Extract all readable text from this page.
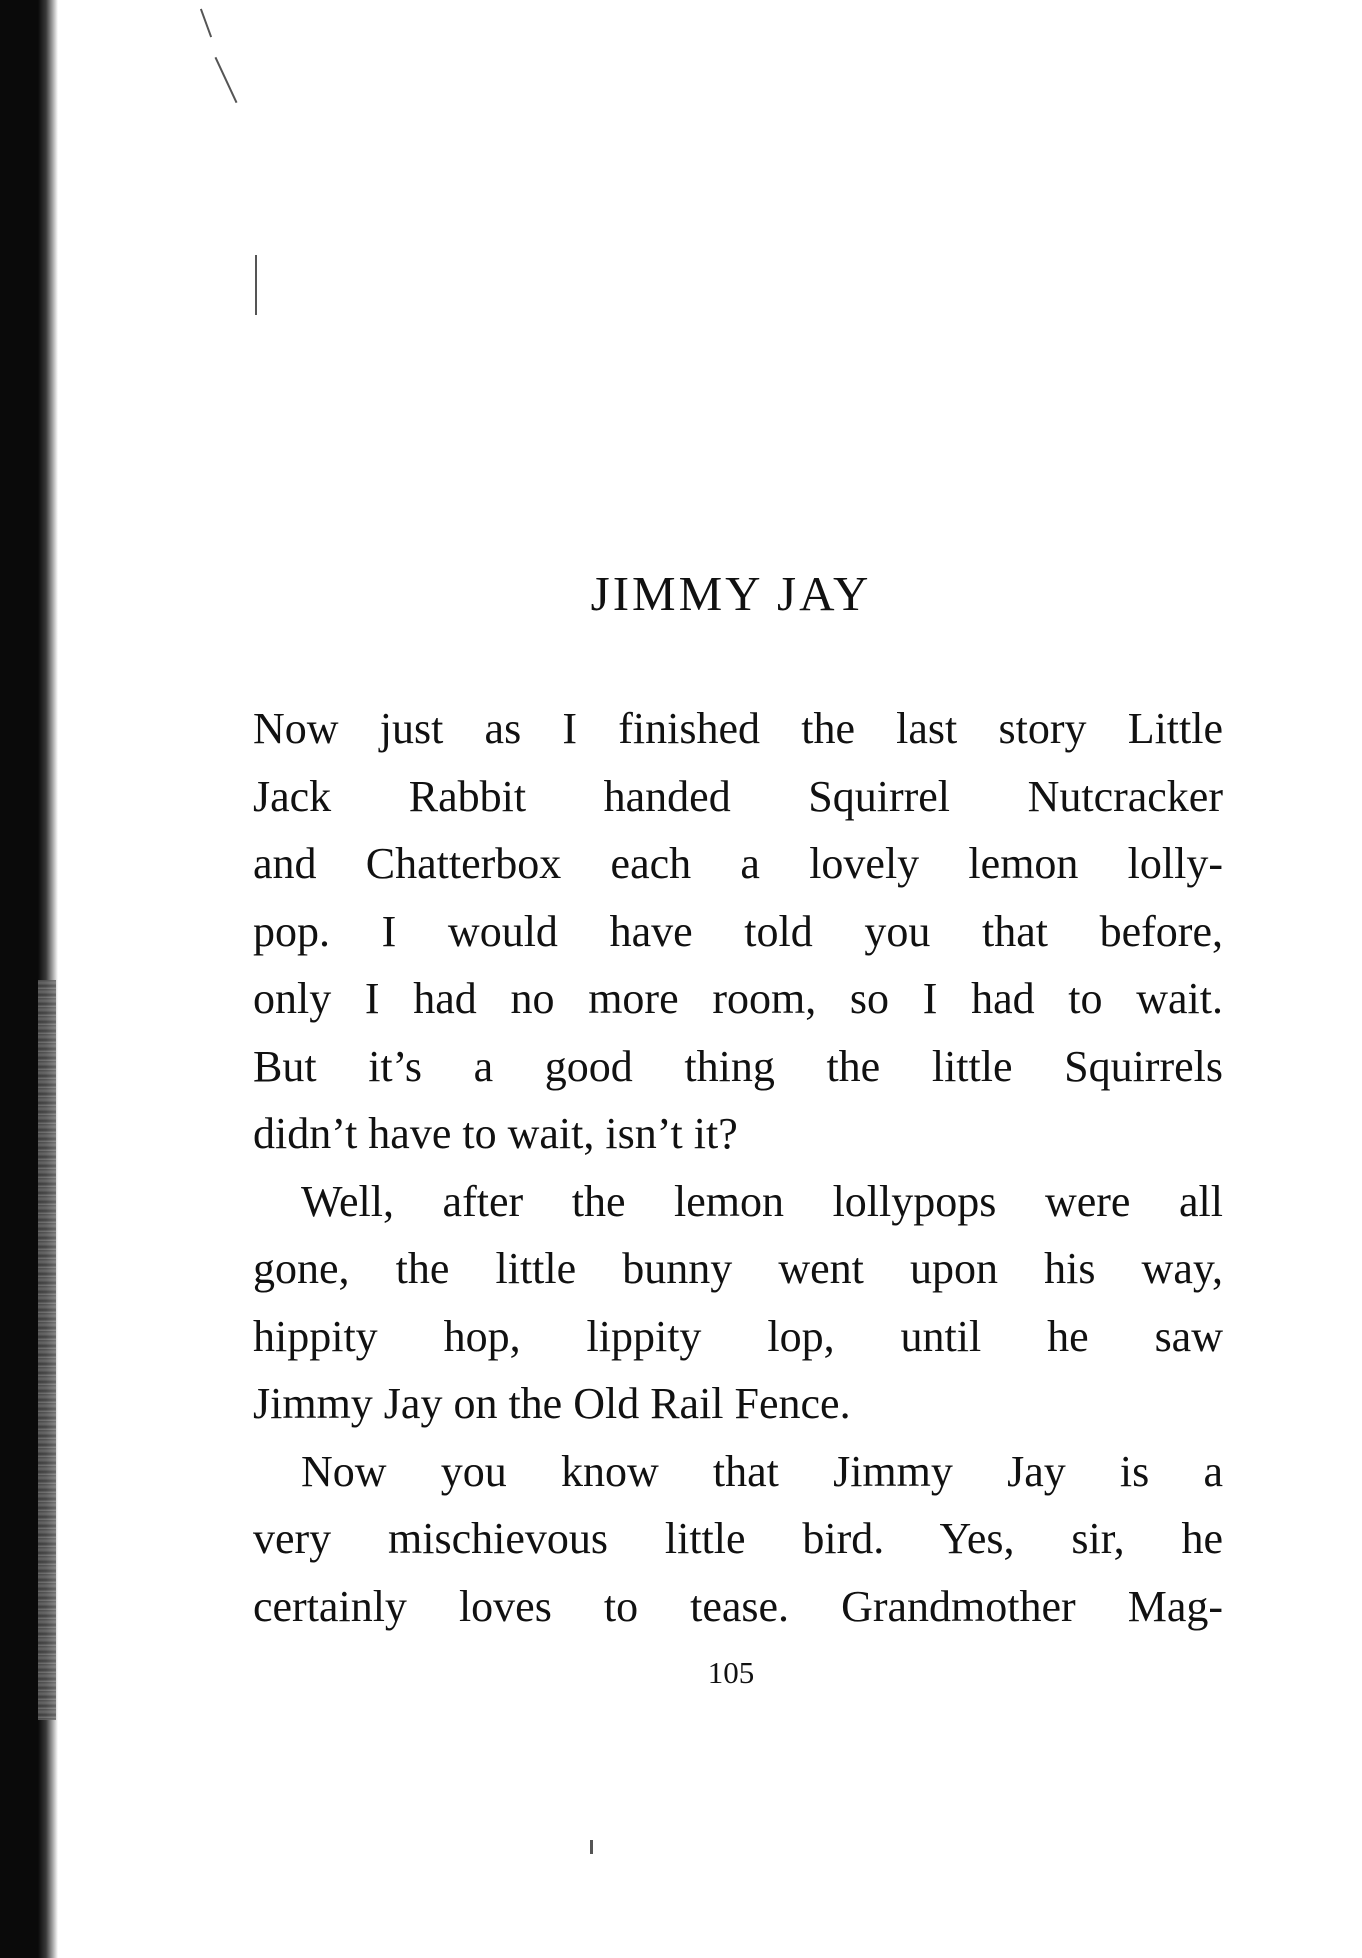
JIMMY JAY
Now just as I finished the last story Little
Jack Rabbit handed Squirrel Nutcracker
and Chatterbox each a lovely lemon lolly-
pop. I would have told you that before,
only I had no more room, so I had to wait.
But it’s a good thing the little Squirrels
didn’t have to wait, isn’t it?
Well, after the lemon lollypops were all
gone, the little bunny went upon his way,
hippity hop, lippity lop, until he saw
Jimmy Jay on the Old Rail Fence.
Now you know that Jimmy Jay is a
very mischievous little bird. Yes, sir, he
certainly loves to tease. Grandmother Mag-

105
